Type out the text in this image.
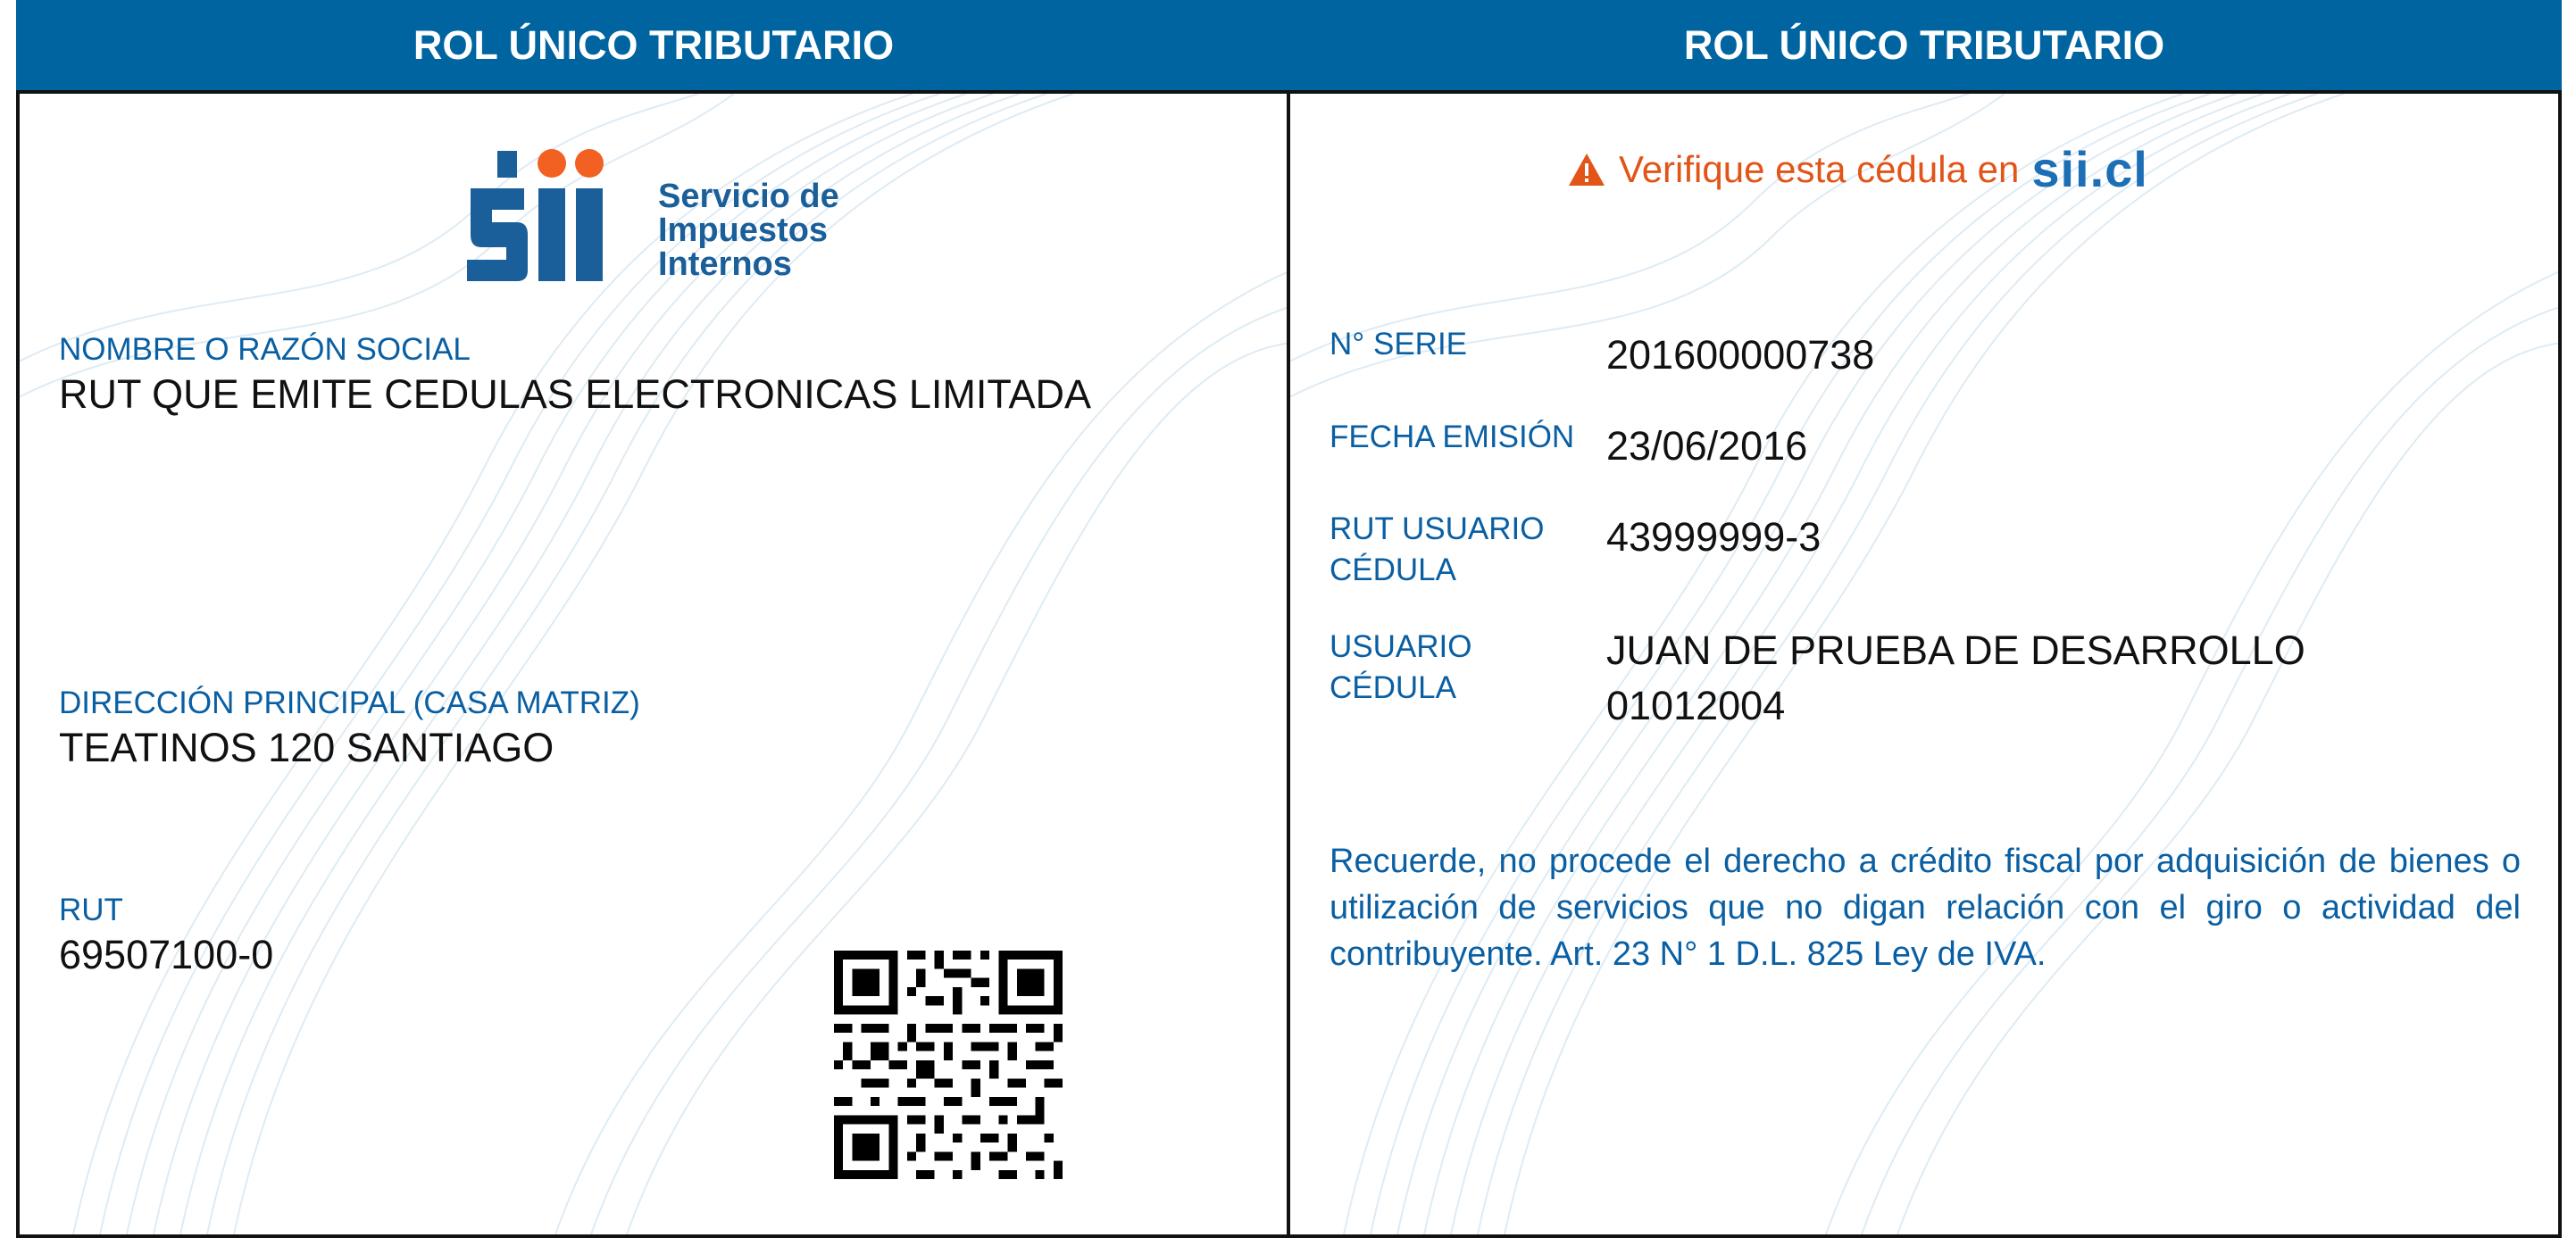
ROL ÚNICO TRIBUTARIO
Servicio de
Impuestos
Internos
NOMBRE O RAZÓN SOCIAL
RUT QUE EMITE CEDULAS ELECTRONICAS LIMITADA
DIRECCIÓN PRINCIPAL (CASA MATRIZ)
TEATINOS 120 SANTIAGO
RUT
69507100-0
ROL ÚNICO TRIBUTARIO
Verifique esta cédula en sii.cl
N° SERIE	201600000738
FECHA EMISIÓN 23/06/2016
RUT USUARIO
CÉDULA
43999999-3
USUARIO
CÉDULA
JUAN DE PRUEBA DE DESARROLLO
01012004
Recuerde, no procede el derecho a crédito fiscal por adquisición de bienes o utilización de servicios que no digan relación con el giro o actividad del contribuyente. Art. 23 N° 1 D.L. 825 Ley de IVA.
